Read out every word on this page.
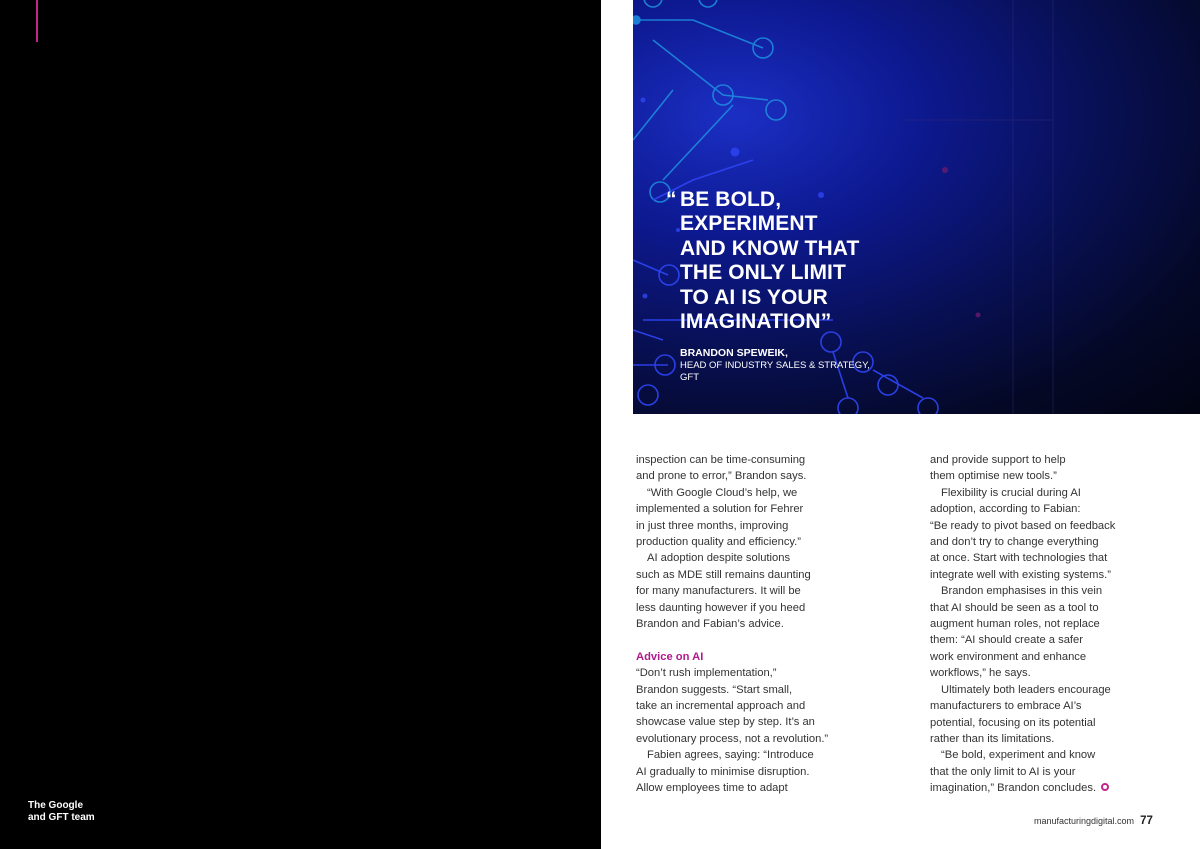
The Google
and GFT team
“ BE BOLD,
EXPERIMENT
AND KNOW THAT
THE ONLY LIMIT
TO AI IS YOUR
IMAGINATION”
BRANDON SPEWEIK,
HEAD OF INDUSTRY SALES & STRATEGY,
GFT

inspection can be time-consuming
and prone to error,” Brandon says.

“With Google Cloud’s help, we
implemented a solution for Fehrer
in just three months, improving
production quality and efficiency.”

AI adoption despite solutions
such as MDE still remains daunting
for many manufacturers. It will be
less daunting however if you heed
Brandon and Fabian’s advice.

Advice on AI

“Don’t rush implementation,”
Brandon suggests. “Start small,
take an incremental approach and
showcase value step by step. It’s an
evolutionary process, not a revolution.”

Fabien agrees, saying: “Introduce
AI gradually to minimise disruption.
Allow employees time to adapt

and provide support to help
them optimise new tools.”

Flexibility is crucial during AI
adoption, according to Fabian:
“Be ready to pivot based on feedback
and don’t try to change everything
at once. Start with technologies that
integrate well with existing systems.”

Brandon emphasises in this vein
that AI should be seen as a tool to
augment human roles, not replace
them: “AI should create a safer
work environment and enhance
workflows,” he says.

Ultimately both leaders encourage
manufacturers to embrace AI’s
potential, focusing on its potential
rather than its limitations.

“Be bold, experiment and know
that the only limit to AI is your
imagination,” Brandon concludes.

manufacturingdigital.com 77
